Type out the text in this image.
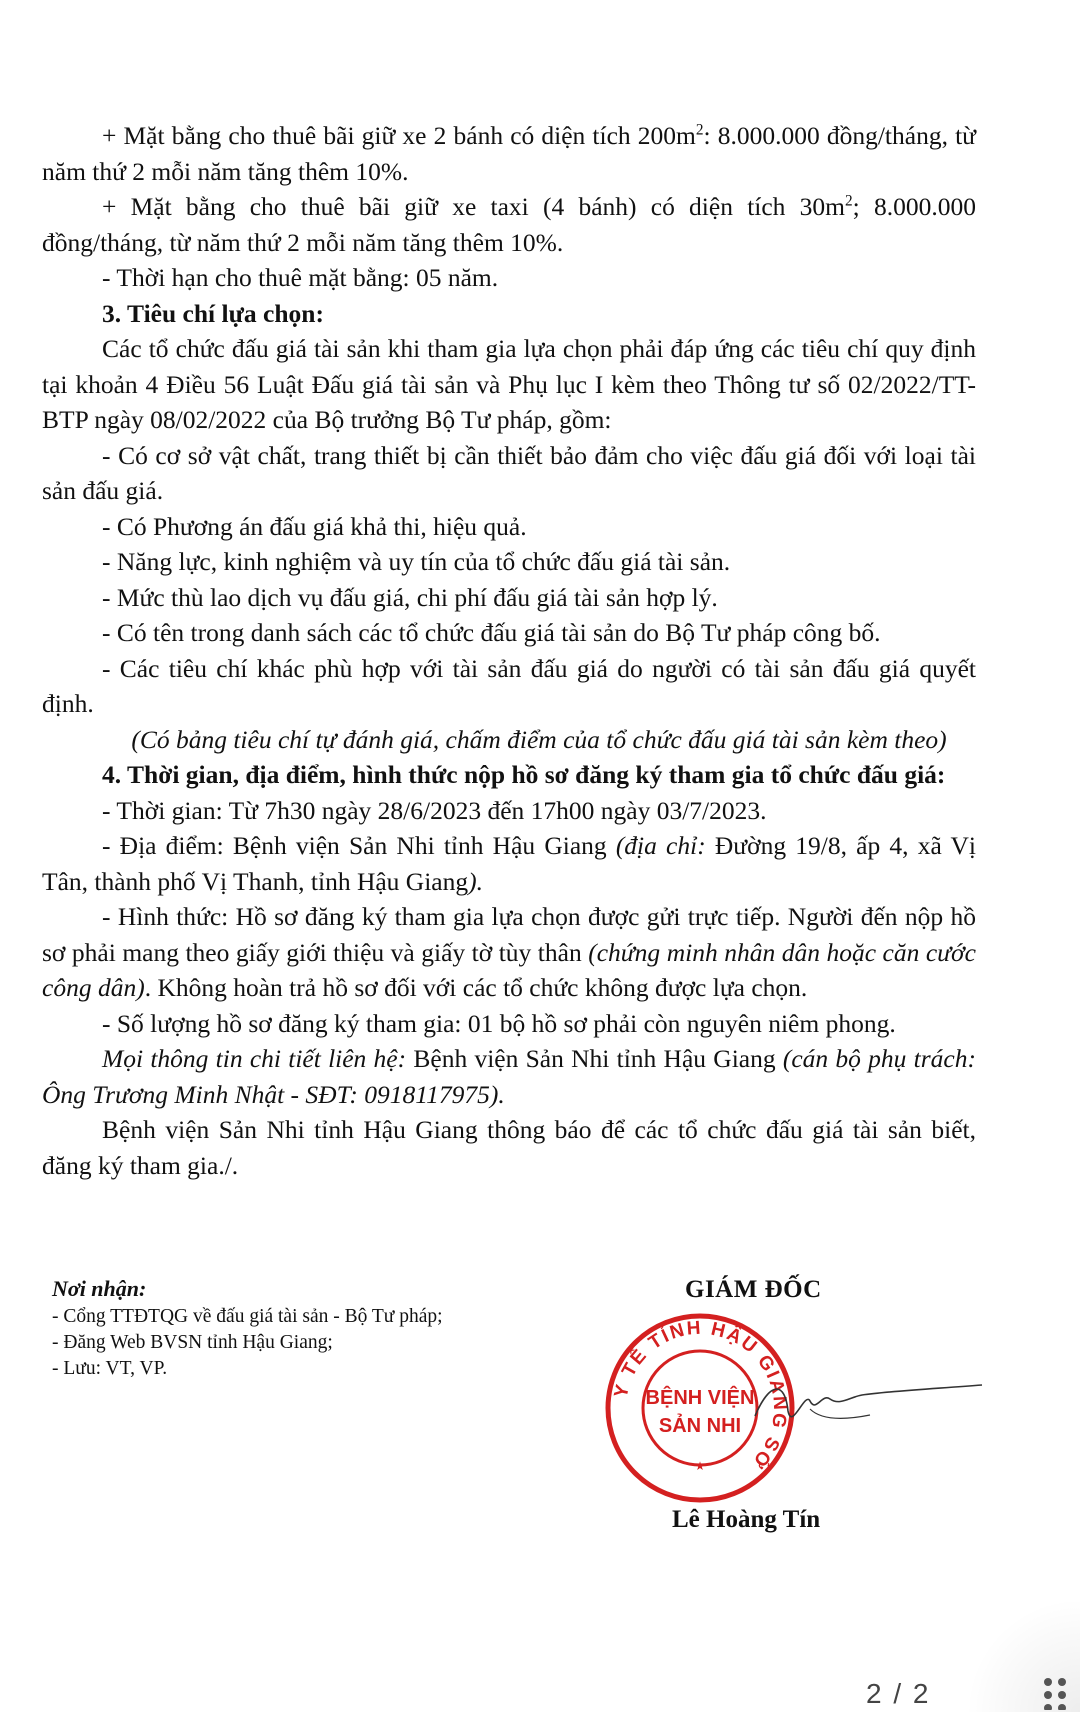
+ Mặt bằng cho thuê bãi giữ xe 2 bánh có diện tích $200m^2$: 8.000.000 đồng/tháng, từ năm thứ 2 mỗi năm tăng thêm 10%.

+ Mặt bằng cho thuê bãi giữ xe taxi (4 bánh) có diện tích $30m^2$; 8.000.000 đồng/tháng, từ năm thứ 2 mỗi năm tăng thêm 10%.

- Thời hạn cho thuê mặt bằng: 05 năm.

3. Tiêu chí lựa chọn:

Các tổ chức đấu giá tài sản khi tham gia lựa chọn phải đáp ứng các tiêu chí quy định tại khoản 4 Điều 56 Luật Đấu giá tài sản và Phụ lục I kèm theo Thông tư số 02/2022/TT-BTP ngày 08/02/2022 của Bộ trưởng Bộ Tư pháp, gồm:

- Có cơ sở vật chất, trang thiết bị cần thiết bảo đảm cho việc đấu giá đối với loại tài sản đấu giá.

- Có Phương án đấu giá khả thi, hiệu quả.

- Năng lực, kinh nghiệm và uy tín của tổ chức đấu giá tài sản.

- Mức thù lao dịch vụ đấu giá, chi phí đấu giá tài sản hợp lý.

- Có tên trong danh sách các tổ chức đấu giá tài sản do Bộ Tư pháp công bố.

- Các tiêu chí khác phù hợp với tài sản đấu giá do người có tài sản đấu giá quyết định.

(Có bảng tiêu chí tự đánh giá, chấm điểm của tổ chức đấu giá tài sản kèm theo)

4. Thời gian, địa điểm, hình thức nộp hồ sơ đăng ký tham gia tổ chức đấu giá:

- Thời gian: Từ 7h30 ngày 28/6/2023 đến 17h00 ngày 03/7/2023.

- Địa điểm: Bệnh viện Sản Nhi tỉnh Hậu Giang (địa chỉ: Đường 19/8, ấp 4, xã Vị Tân, thành phố Vị Thanh, tỉnh Hậu Giang).

- Hình thức: Hồ sơ đăng ký tham gia lựa chọn được gửi trực tiếp. Người đến nộp hồ sơ phải mang theo giấy giới thiệu và giấy tờ tùy thân (chứng minh nhân dân hoặc căn cước công dân). Không hoàn trả hồ sơ đối với các tổ chức không được lựa chọn.

- Số lượng hồ sơ đăng ký tham gia: 01 bộ hồ sơ phải còn nguyên niêm phong.

Mọi thông tin chi tiết liên hệ: Bệnh viện Sản Nhi tỉnh Hậu Giang (cán bộ phụ trách: Ông Trương Minh Nhật - SĐT: 0918117975).

Bệnh viện Sản Nhi tỉnh Hậu Giang thông báo để các tổ chức đấu giá tài sản biết, đăng ký tham gia./.

Nơi nhận:
- Cổng TTĐTQG về đấu giá tài sản - Bộ Tư pháp;
- Đăng Web BVSN tỉnh Hậu Giang;
- Lưu: VT, VP.
GIÁM ĐỐC
Y TẾ TỈNH HẬU GIANG SỞ
BỆNH VIỆN
SẢN NHI
★
Lê Hoàng Tín
2 / 2
